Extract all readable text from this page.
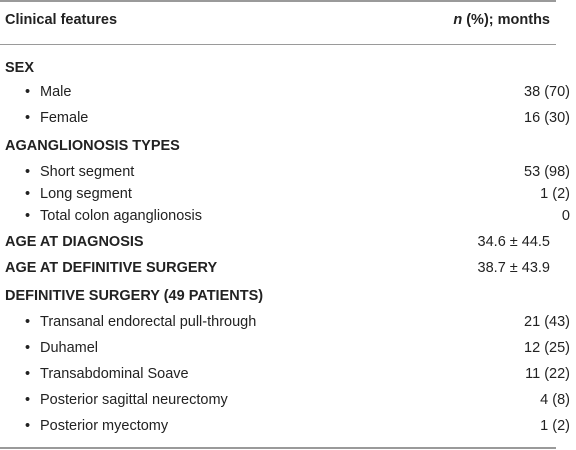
Clinical features	n (%); months
SEX
• Male	38 (70)
• Female	16 (30)
AGANGLIONOSIS TYPES
• Short segment	53 (98)
• Long segment	1 (2)
• Total colon aganglionosis	0
AGE AT DIAGNOSIS	34.6 ± 44.5
AGE AT DEFINITIVE SURGERY	38.7 ± 43.9
DEFINITIVE SURGERY (49 PATIENTS)
• Transanal endorectal pull-through	21 (43)
• Duhamel	12 (25)
• Transabdominal Soave	11 (22)
• Posterior sagittal neurectomy	4 (8)
• Posterior myectomy	1 (2)
